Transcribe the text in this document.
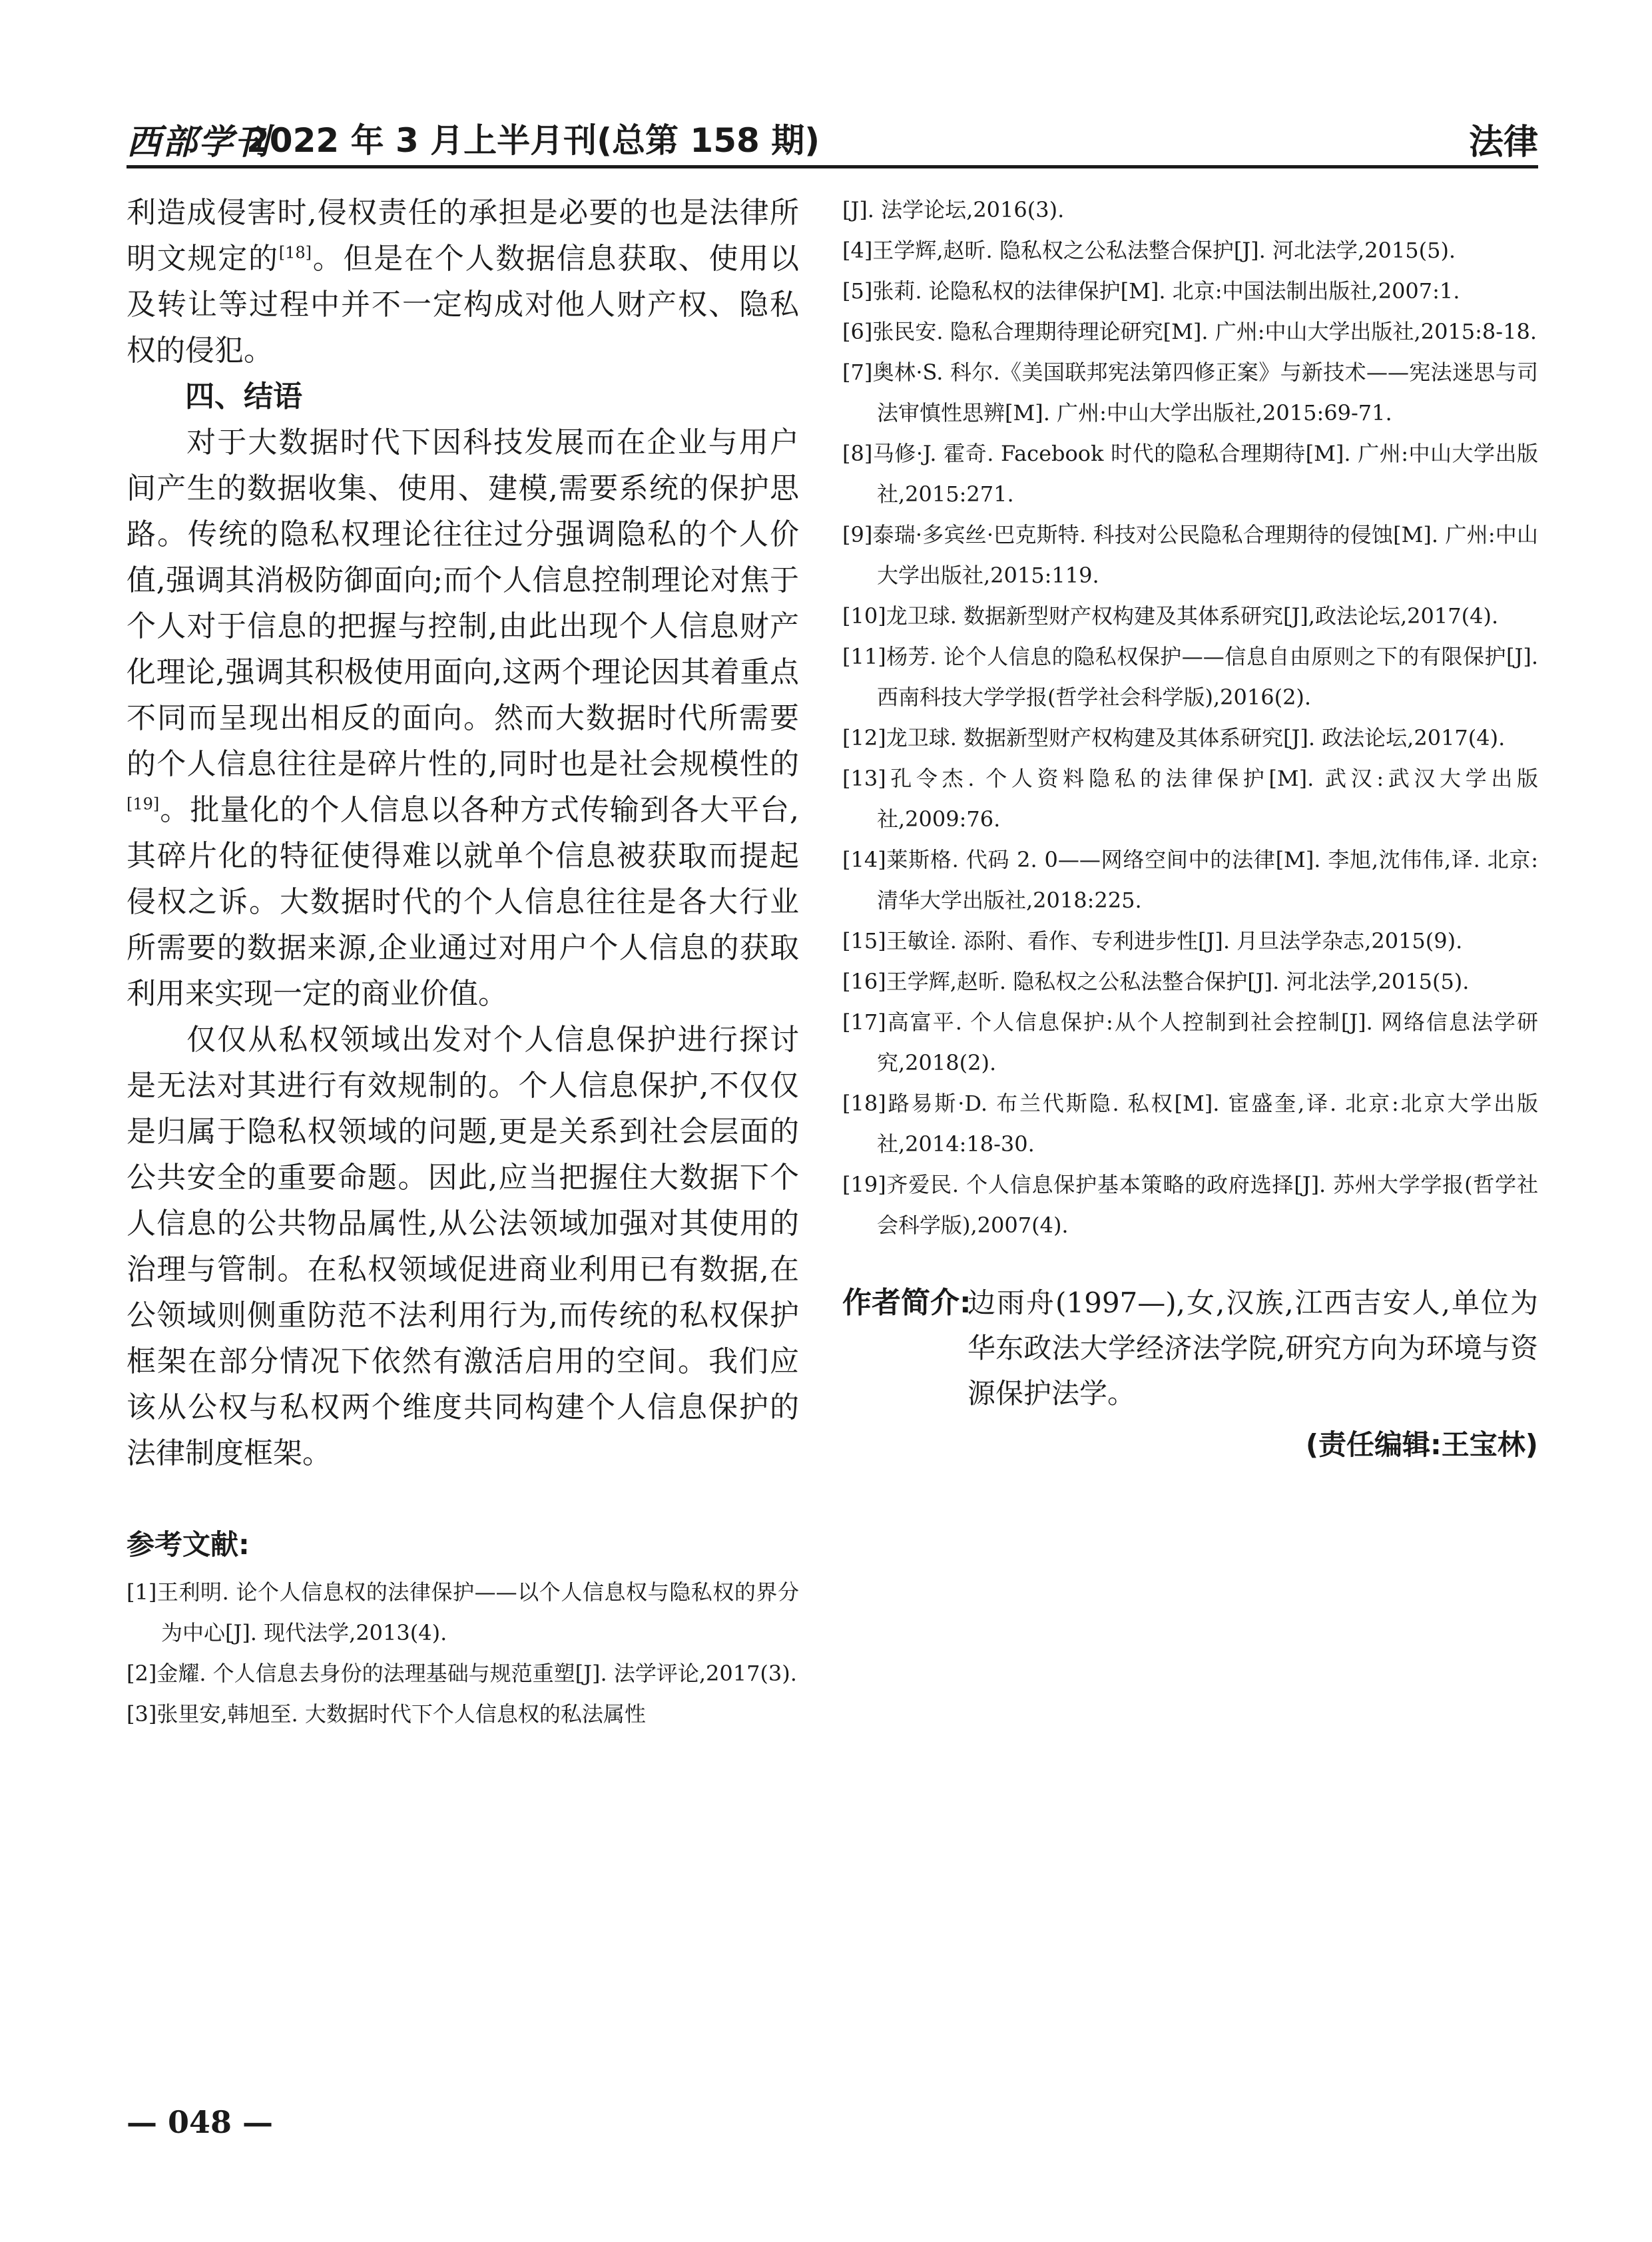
西部学刊
2022 年 3 月上半月刊(总第 158 期)	法律

利造成侵害时,侵权责任的承担是必要的也是法律所明文规定的[18]。但是在个人数据信息获取、使用以及转让等过程中并不一定构成对他人财产权、隐私权的侵犯。

四、结语

对于大数据时代下因科技发展而在企业与用户间产生的数据收集、使用、建模,需要系统的保护思路。传统的隐私权理论往往过分强调隐私的个人价值,强调其消极防御面向;而个人信息控制理论对焦于个人对于信息的把握与控制,由此出现个人信息财产化理论,强调其积极使用面向,这两个理论因其着重点不同而呈现出相反的面向。然而大数据时代所需要的个人信息往往是碎片性的,同时也是社会规模性的[19]。批量化的个人信息以各种方式传输到各大平台,其碎片化的特征使得难以就单个信息被获取而提起侵权之诉。大数据时代的个人信息往往是各大行业所需要的数据来源,企业通过对用户个人信息的获取利用来实现一定的商业价值。

仅仅从私权领域出发对个人信息保护进行探讨是无法对其进行有效规制的。个人信息保护,不仅仅是归属于隐私权领域的问题,更是关系到社会层面的公共安全的重要命题。因此,应当把握住大数据下个人信息的公共物品属性,从公法领域加强对其使用的治理与管制。在私权领域促进商业利用已有数据,在公领域则侧重防范不法利用行为,而传统的私权保护框架在部分情况下依然有激活启用的空间。我们应该从公权与私权两个维度共同构建个人信息保护的法律制度框架。

参考文献:

[1]王利明. 论个人信息权的法律保护——以个人信息权与隐私权的界分为中心[J]. 现代法学,2013(4).

[2]金耀. 个人信息去身份的法理基础与规范重塑[J]. 法学评论,2017(3).

[3]张里安,韩旭至. 大数据时代下个人信息权的私法属性

[J]. 法学论坛,2016(3).

[4]王学辉,赵昕. 隐私权之公私法整合保护[J]. 河北法学,2015(5).

[5]张莉. 论隐私权的法律保护[M]. 北京:中国法制出版社,2007:1.

[6]张民安. 隐私合理期待理论研究[M]. 广州:中山大学出版社,2015:8-18.

[7]奥林·S. 科尔.《美国联邦宪法第四修正案》与新技术——宪法迷思与司法审慎性思辨[M]. 广州:中山大学出版社,2015:69-71.

[8]马修·J. 霍奇. Facebook 时代的隐私合理期待[M]. 广州:中山大学出版社,2015:271.

[9]泰瑞·多宾丝·巴克斯特. 科技对公民隐私合理期待的侵蚀[M]. 广州:中山大学出版社,2015:119.

[10]龙卫球. 数据新型财产权构建及其体系研究[J],政法论坛,2017(4).

[11]杨芳. 论个人信息的隐私权保护——信息自由原则之下的有限保护[J]. 西南科技大学学报(哲学社会科学版),2016(2).

[12]龙卫球. 数据新型财产权构建及其体系研究[J]. 政法论坛,2017(4).

[13]孔令杰. 个人资料隐私的法律保护[M]. 武汉:武汉大学出版社,2009:76.

[14]莱斯格. 代码 2. 0——网络空间中的法律[M]. 李旭,沈伟伟,译. 北京:清华大学出版社,2018:225.

[15]王敏诠. 添附、看作、专利进步性[J]. 月旦法学杂志,2015(9).

[16]王学辉,赵昕. 隐私权之公私法整合保护[J]. 河北法学,2015(5).

[17]高富平. 个人信息保护:从个人控制到社会控制[J]. 网络信息法学研究,2018(2).

[18]路易斯·D. 布兰代斯隐. 私权[M]. 宦盛奎,译. 北京:北京大学出版社,2014:18-30.

[19]齐爱民. 个人信息保护基本策略的政府选择[J]. 苏州大学学报(哲学社会科学版),2007(4).

作者简介:
边雨舟(1997—),女,汉族,江西吉安人,单位为华东政法大学经济法学院,研究方向为环境与资源保护法学。
(责任编辑:王宝林)
— 048 —
